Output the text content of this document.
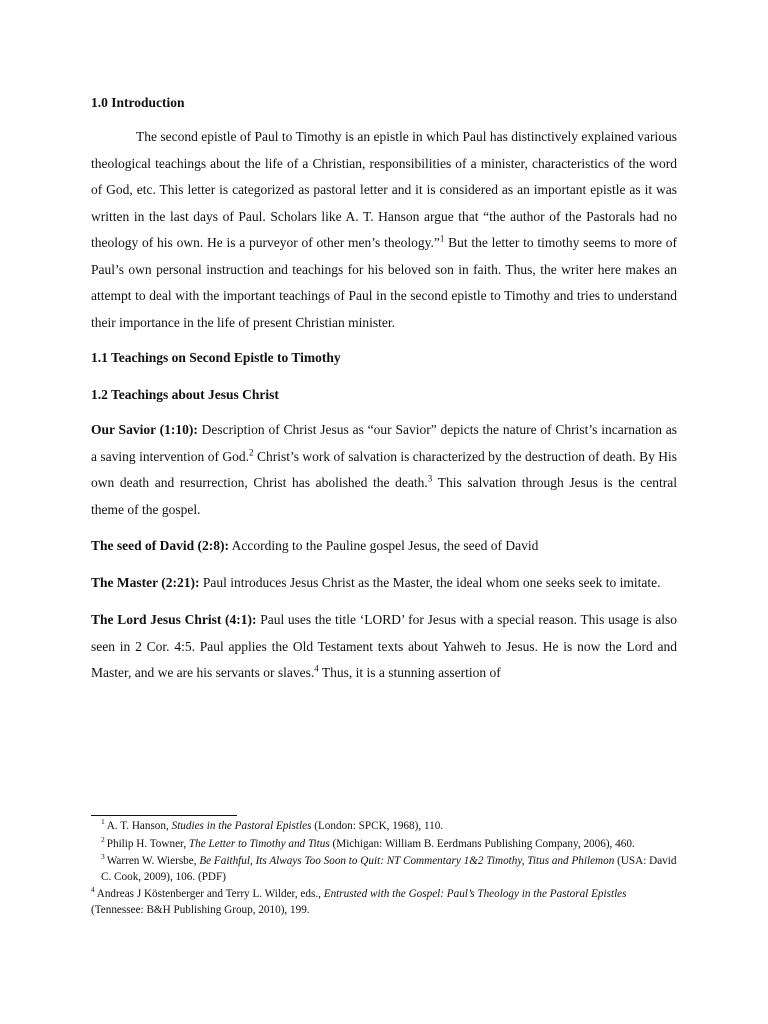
1.0 Introduction

The second epistle of Paul to Timothy is an epistle in which Paul has distinctively explained various theological teachings about the life of a Christian, responsibilities of a minister, characteristics of the word of God, etc. This letter is categorized as pastoral letter and it is considered as an important epistle as it was written in the last days of Paul. Scholars like A. T. Hanson argue that “the author of the Pastorals had no theology of his own. He is a purveyor of other men’s theology.”$^1$ But the letter to timothy seems to more of Paul’s own personal instruction and teachings for his beloved son in faith. Thus, the writer here makes an attempt to deal with the important teachings of Paul in the second epistle to Timothy and tries to understand their importance in the life of present Christian minister.

1.1 Teachings on Second Epistle to Timothy
1.2 Teachings about Jesus Christ

Our Savior (1:10): Description of Christ Jesus as “our Savior” depicts the nature of Christ’s incarnation as a saving intervention of God.$^2$ Christ’s work of salvation is characterized by the destruction of death. By His own death and resurrection, Christ has abolished the death.$^3$ This salvation through Jesus is the central theme of the gospel.

The seed of David (2:8): According to the Pauline gospel Jesus, the seed of David

The Master (2:21): Paul introduces Jesus Christ as the Master, the ideal whom one seeks seek to imitate.

The Lord Jesus Christ (4:1): Paul uses the title ‘LORD’ for Jesus with a special reason. This usage is also seen in 2 Cor. 4:5. Paul applies the Old Testament texts about Yahweh to Jesus. He is now the Lord and Master, and we are his servants or slaves.$^4$ Thus, it is a stunning assertion of

$^1$ A. T. Hanson, Studies in the Pastoral Epistles (London: SPCK, 1968), 110.

$^2$ Philip H. Towner, The Letter to Timothy and Titus (Michigan: William B. Eerdmans Publishing Company, 2006), 460.

$^3$ Warren W. Wiersbe, Be Faithful, Its Always Too Soon to Quit: NT Commentary 1&2 Timothy, Titus and Philemon (USA: David C. Cook, 2009), 106. (PDF)

$^4$ Andreas J Köstenberger and Terry L. Wilder, eds., Entrusted with the Gospel: Paul’s Theology in the Pastoral Epistles (Tennessee: B&H Publishing Group, 2010), 199.
